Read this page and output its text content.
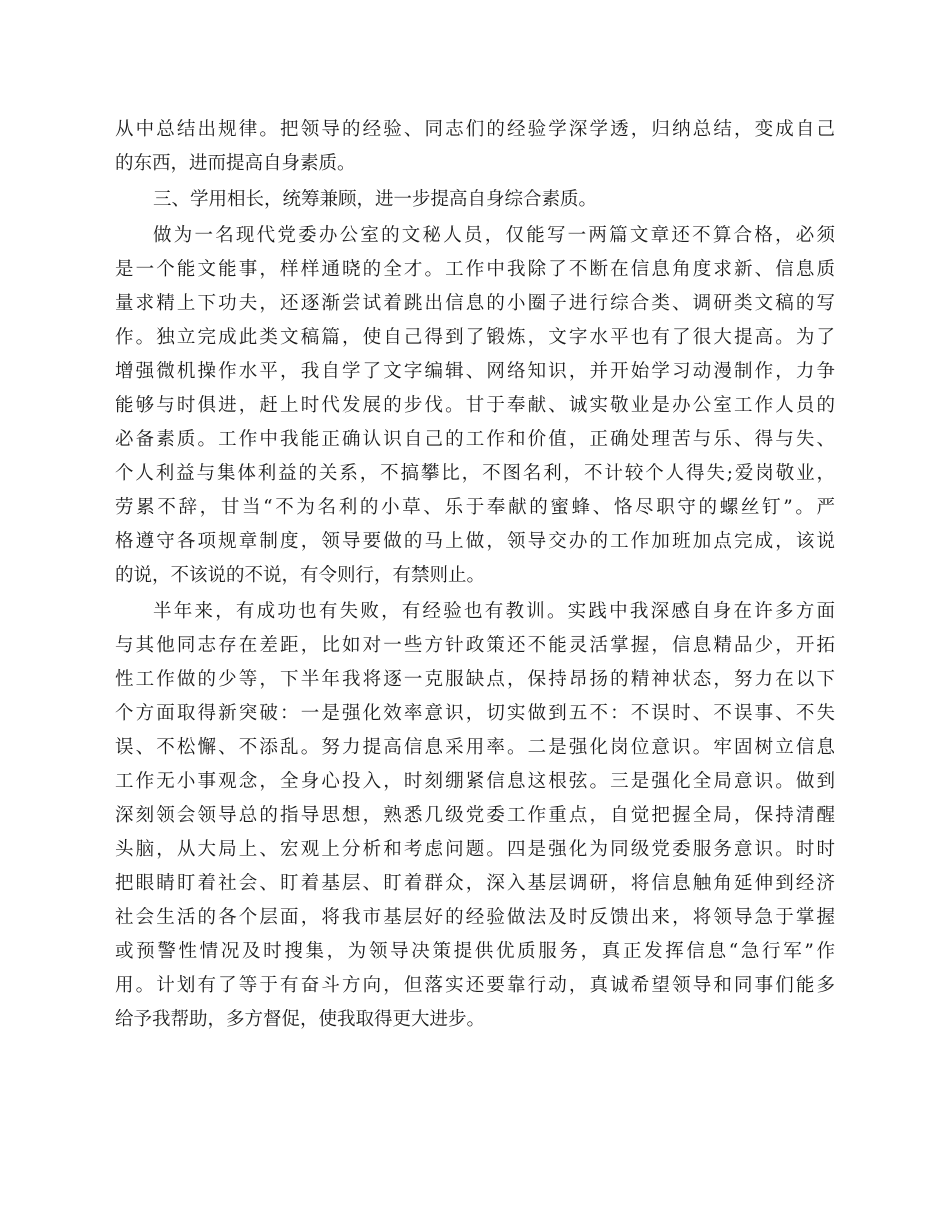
从中总结出规律。把领导的经验、同志们的经验学深学透，归纳总结，变成自己
的东西，进而提高自身素质。
三、学用相长，统筹兼顾，进一步提高自身综合素质。
做为一名现代党委办公室的文秘人员，仅能写一两篇文章还不算合格，必须
是一个能文能事，样样通晓的全才。工作中我除了不断在信息角度求新、信息质
量求精上下功夫，还逐渐尝试着跳出信息的小圈子进行综合类、调研类文稿的写
作。独立完成此类文稿篇，使自己得到了锻炼，文字水平也有了很大提高。为了
增强微机操作水平，我自学了文字编辑、网络知识，并开始学习动漫制作，力争
能够与时俱进，赶上时代发展的步伐。甘于奉献、诚实敬业是办公室工作人员的
必备素质。工作中我能正确认识自己的工作和价值，正确处理苦与乐、得与失、
个人利益与集体利益的关系，不搞攀比，不图名利，不计较个人得失;爱岗敬业，
劳累不辞，甘当“不为名利的小草、乐于奉献的蜜蜂、恪尽职守的螺丝钉”。严
格遵守各项规章制度，领导要做的马上做，领导交办的工作加班加点完成，该说
的说，不该说的不说，有令则行，有禁则止。
半年来，有成功也有失败，有经验也有教训。实践中我深感自身在许多方面
与其他同志存在差距，比如对一些方针政策还不能灵活掌握，信息精品少，开拓
性工作做的少等，下半年我将逐一克服缺点，保持昂扬的精神状态，努力在以下
个方面取得新突破：一是强化效率意识，切实做到五不：不误时、不误事、不失
误、不松懈、不添乱。努力提高信息采用率。二是强化岗位意识。牢固树立信息
工作无小事观念，全身心投入，时刻绷紧信息这根弦。三是强化全局意识。做到
深刻领会领导总的指导思想，熟悉几级党委工作重点，自觉把握全局，保持清醒
头脑，从大局上、宏观上分析和考虑问题。四是强化为同级党委服务意识。时时
把眼睛盯着社会、盯着基层、盯着群众，深入基层调研，将信息触角延伸到经济
社会生活的各个层面，将我市基层好的经验做法及时反馈出来，将领导急于掌握
或预警性情况及时搜集，为领导决策提供优质服务，真正发挥信息“急行军”作
用。计划有了等于有奋斗方向，但落实还要靠行动，真诚希望领导和同事们能多
给予我帮助，多方督促，使我取得更大进步。
